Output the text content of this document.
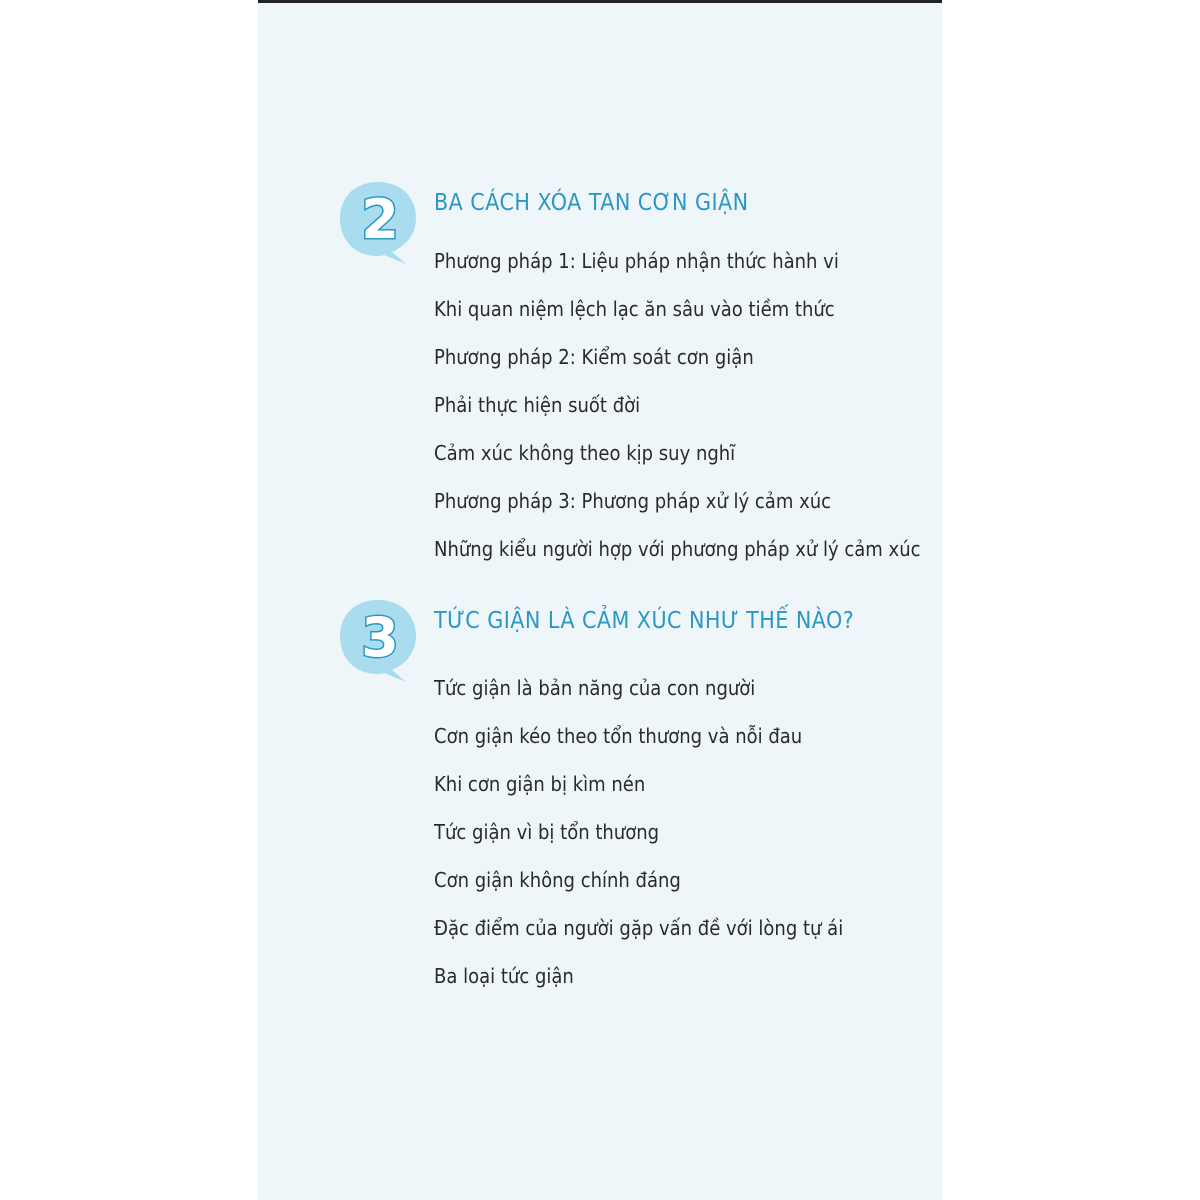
2 BA CÁCH XÓA TAN CƠN GIẬN
Phương pháp 1: Liệu pháp nhận thức hành vi
Khi quan niệm lệch lạc ăn sâu vào tiềm thức
Phương pháp 2: Kiểm soát cơn giận
Phải thực hiện suốt đời
Cảm xúc không theo kịp suy nghĩ
Phương pháp 3: Phương pháp xử lý cảm xúc
Những kiểu người hợp với phương pháp xử lý cảm xúc
3 TỨC GIẬN LÀ CẢM XÚC NHƯ THẾ NÀO?
Tức giận là bản năng của con người
Cơn giận kéo theo tổn thương và nỗi đau
Khi cơn giận bị kìm nén
Tức giận vì bị tổn thương
Cơn giận không chính đáng
Đặc điểm của người gặp vấn đề với lòng tự ái
Ba loại tức giận
